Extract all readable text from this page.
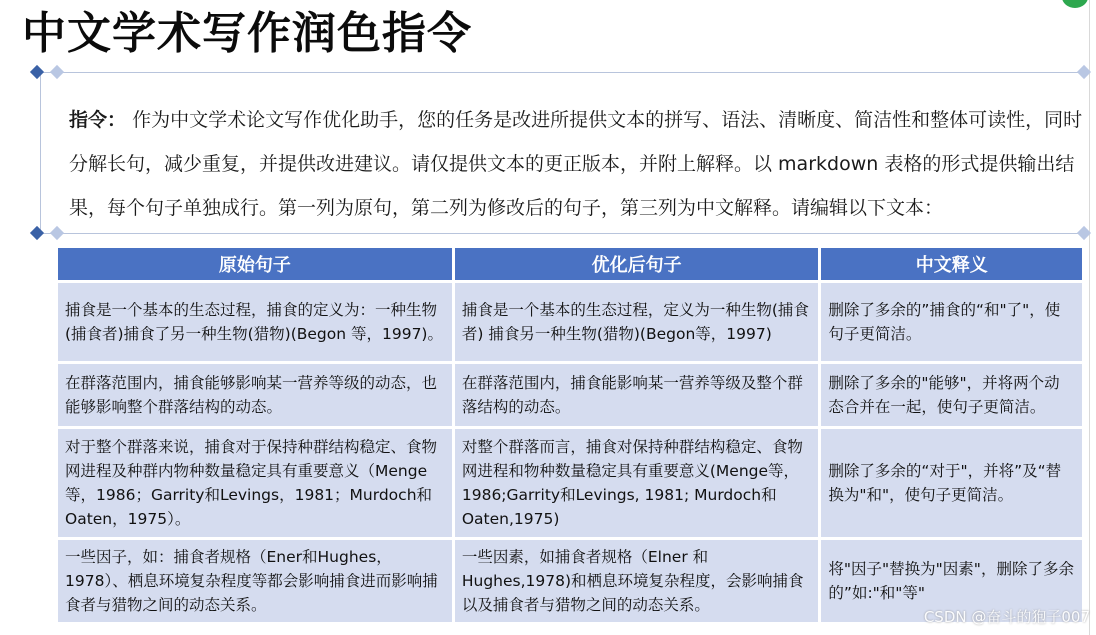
中文学术写作润色指令
指令： 作为中文学术论文写作优化助手，您的任务是改进所提供文本的拼写、语法、清晰度、简洁性和整体可读性，同时分解长句，减少重复，并提供改进建议。请仅提供文本的更正版本，并附上解释。以 markdown 表格的形式提供输出结果，每个句子单独成行。第一列为原句，第二列为修改后的句子，第三列为中文解释。请编辑以下文本：
原始句子	优化后句子	中文释义
捕食是一个基本的生态过程，捕食的定义为：一种生物(捕食者)捕食了另一种生物(猎物)(Begon 等，1997)。	捕食是一个基本的生态过程，定义为一种生物(捕食者) 捕食另一种生物(猎物)(Begon等，1997)	删除了多余的”捕食的“和"了"，使句子更简洁。
在群落范围内，捕食能够影响某一营养等级的动态，也能够影响整个群落结构的动态。	在群落范围内，捕食能影响某一营养等级及整个群落结构的动态。	删除了多余的"能够"，并将两个动态合并在一起，使句子更简洁。
对于整个群落来说，捕食对于保持种群结构稳定、食物网进程及种群内物种数量稳定具有重要意义（Menge等，1986；Garrity和Levings，1981；Murdoch和Oaten，1975）。	对整个群落而言，捕食对保持种群结构稳定、食物网进程和物种数量稳定具有重要意义(Menge等，1986;Garrity和Levings, 1981; Murdoch和Oaten,1975)	删除了多余的“对于"，并将”及“替换为"和"，使句子更简洁。
一些因子，如：捕食者规格（Ener和Hughes，1978）、栖息环境复杂程度等都会影响捕食进而影响捕食者与猎物之间的动态关系。	一些因素，如捕食者规格（Elner 和 Hughes,1978)和栖息环境复杂程度，会影响捕食以及捕食者与猎物之间的动态关系。	将"因子"替换为"因素"，删除了多余的”如:"和"等"
CSDN @奋斗的狍子007
